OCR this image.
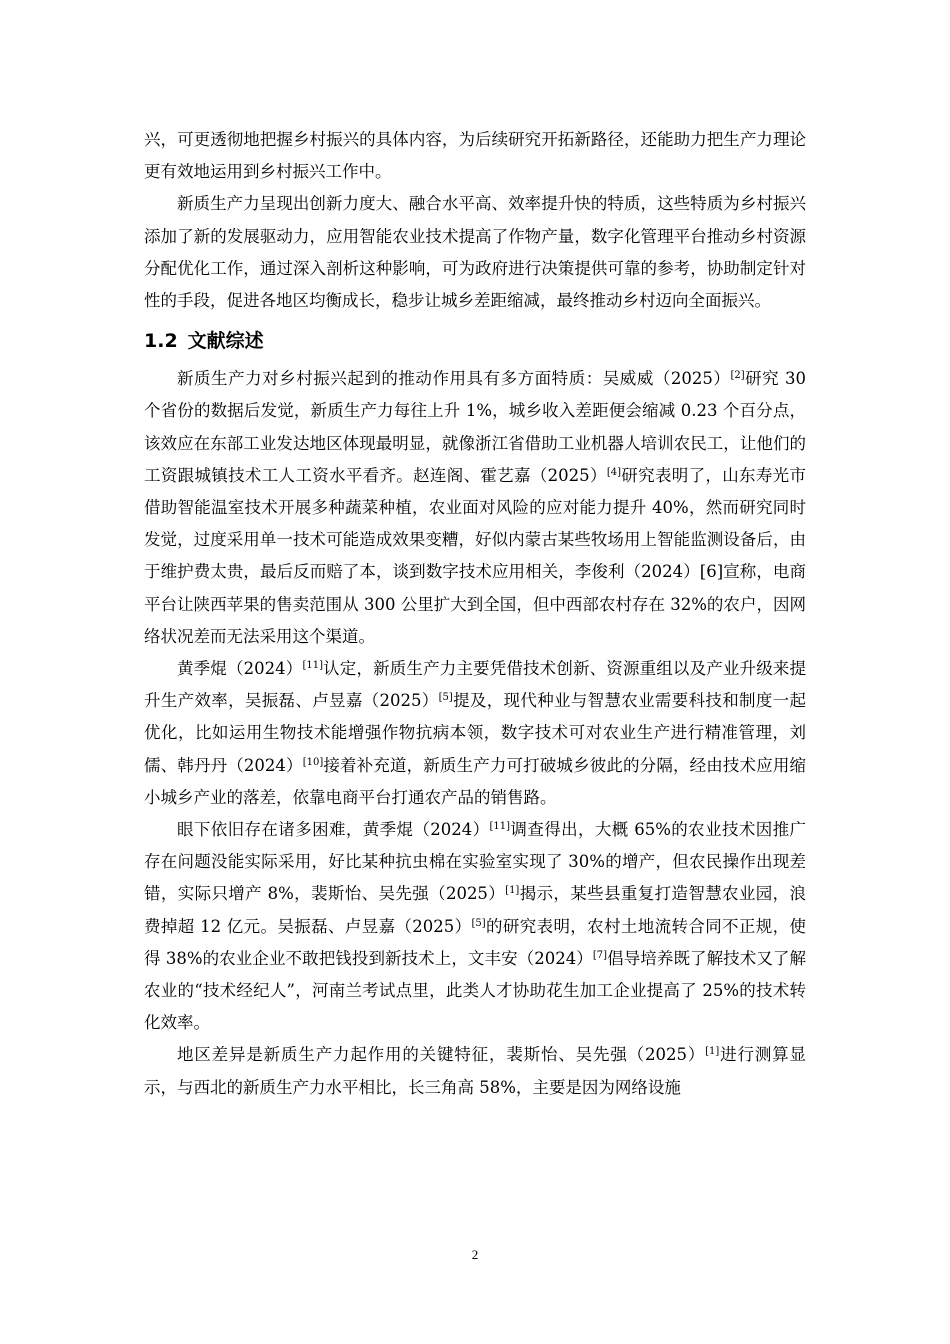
兴，可更透彻地把握乡村振兴的具体内容，为后续研究开拓新路径，还能助力把生产力理论更有效地运用到乡村振兴工作中。

新质生产力呈现出创新力度大、融合水平高、效率提升快的特质，这些特质为乡村振兴添加了新的发展驱动力，应用智能农业技术提高了作物产量，数字化管理平台推动乡村资源分配优化工作，通过深入剖析这种影响，可为政府进行决策提供可靠的参考，协助制定针对性的手段，促进各地区均衡成长，稳步让城乡差距缩减，最终推动乡村迈向全面振兴。

1.2 文献综述

新质生产力对乡村振兴起到的推动作用具有多方面特质：吴威威（2025）[2]研究 30 个省份的数据后发觉，新质生产力每往上升 1%，城乡收入差距便会缩减 0.23 个百分点，该效应在东部工业发达地区体现最明显，就像浙江省借助工业机器人培训农民工，让他们的工资跟城镇技术工人工资水平看齐。赵连阁、霍艺嘉（2025）[4]研究表明了，山东寿光市借助智能温室技术开展多种蔬菜种植，农业面对风险的应对能力提升 40%，然而研究同时发觉，过度采用单一技术可能造成效果变糟，好似内蒙古某些牧场用上智能监测设备后，由于维护费太贵，最后反而赔了本，谈到数字技术应用相关，李俊利（2024）[6]宣称，电商平台让陕西苹果的售卖范围从 300 公里扩大到全国，但中西部农村存在 32%的农户，因网络状况差而无法采用这个渠道。

黄季焜（2024）[11]认定，新质生产力主要凭借技术创新、资源重组以及产业升级来提升生产效率，吴振磊、卢昱嘉（2025）[5]提及，现代种业与智慧农业需要科技和制度一起优化，比如运用生物技术能增强作物抗病本领，数字技术可对农业生产进行精准管理，刘儒、韩丹丹（2024）[10]接着补充道，新质生产力可打破城乡彼此的分隔，经由技术应用缩小城乡产业的落差，依靠电商平台打通农产品的销售路。

眼下依旧存在诸多困难，黄季焜（2024）[11]调查得出，大概 65%的农业技术因推广存在问题没能实际采用，好比某种抗虫棉在实验室实现了 30%的增产，但农民操作出现差错，实际只增产 8%，裴斯怡、吴先强（2025）[1]揭示，某些县重复打造智慧农业园，浪费掉超 12 亿元。吴振磊、卢昱嘉（2025）[5]的研究表明，农村土地流转合同不正规，使得 38%的农业企业不敢把钱投到新技术上，文丰安（2024）[7]倡导培养既了解技术又了解农业的“技术经纪人”，河南兰考试点里，此类人才协助花生加工企业提高了 25%的技术转化效率。

地区差异是新质生产力起作用的关键特征，裴斯怡、吴先强（2025）[1]进行测算显示，与西北的新质生产力水平相比，长三角高 58%，主要是因为网络设施

2
